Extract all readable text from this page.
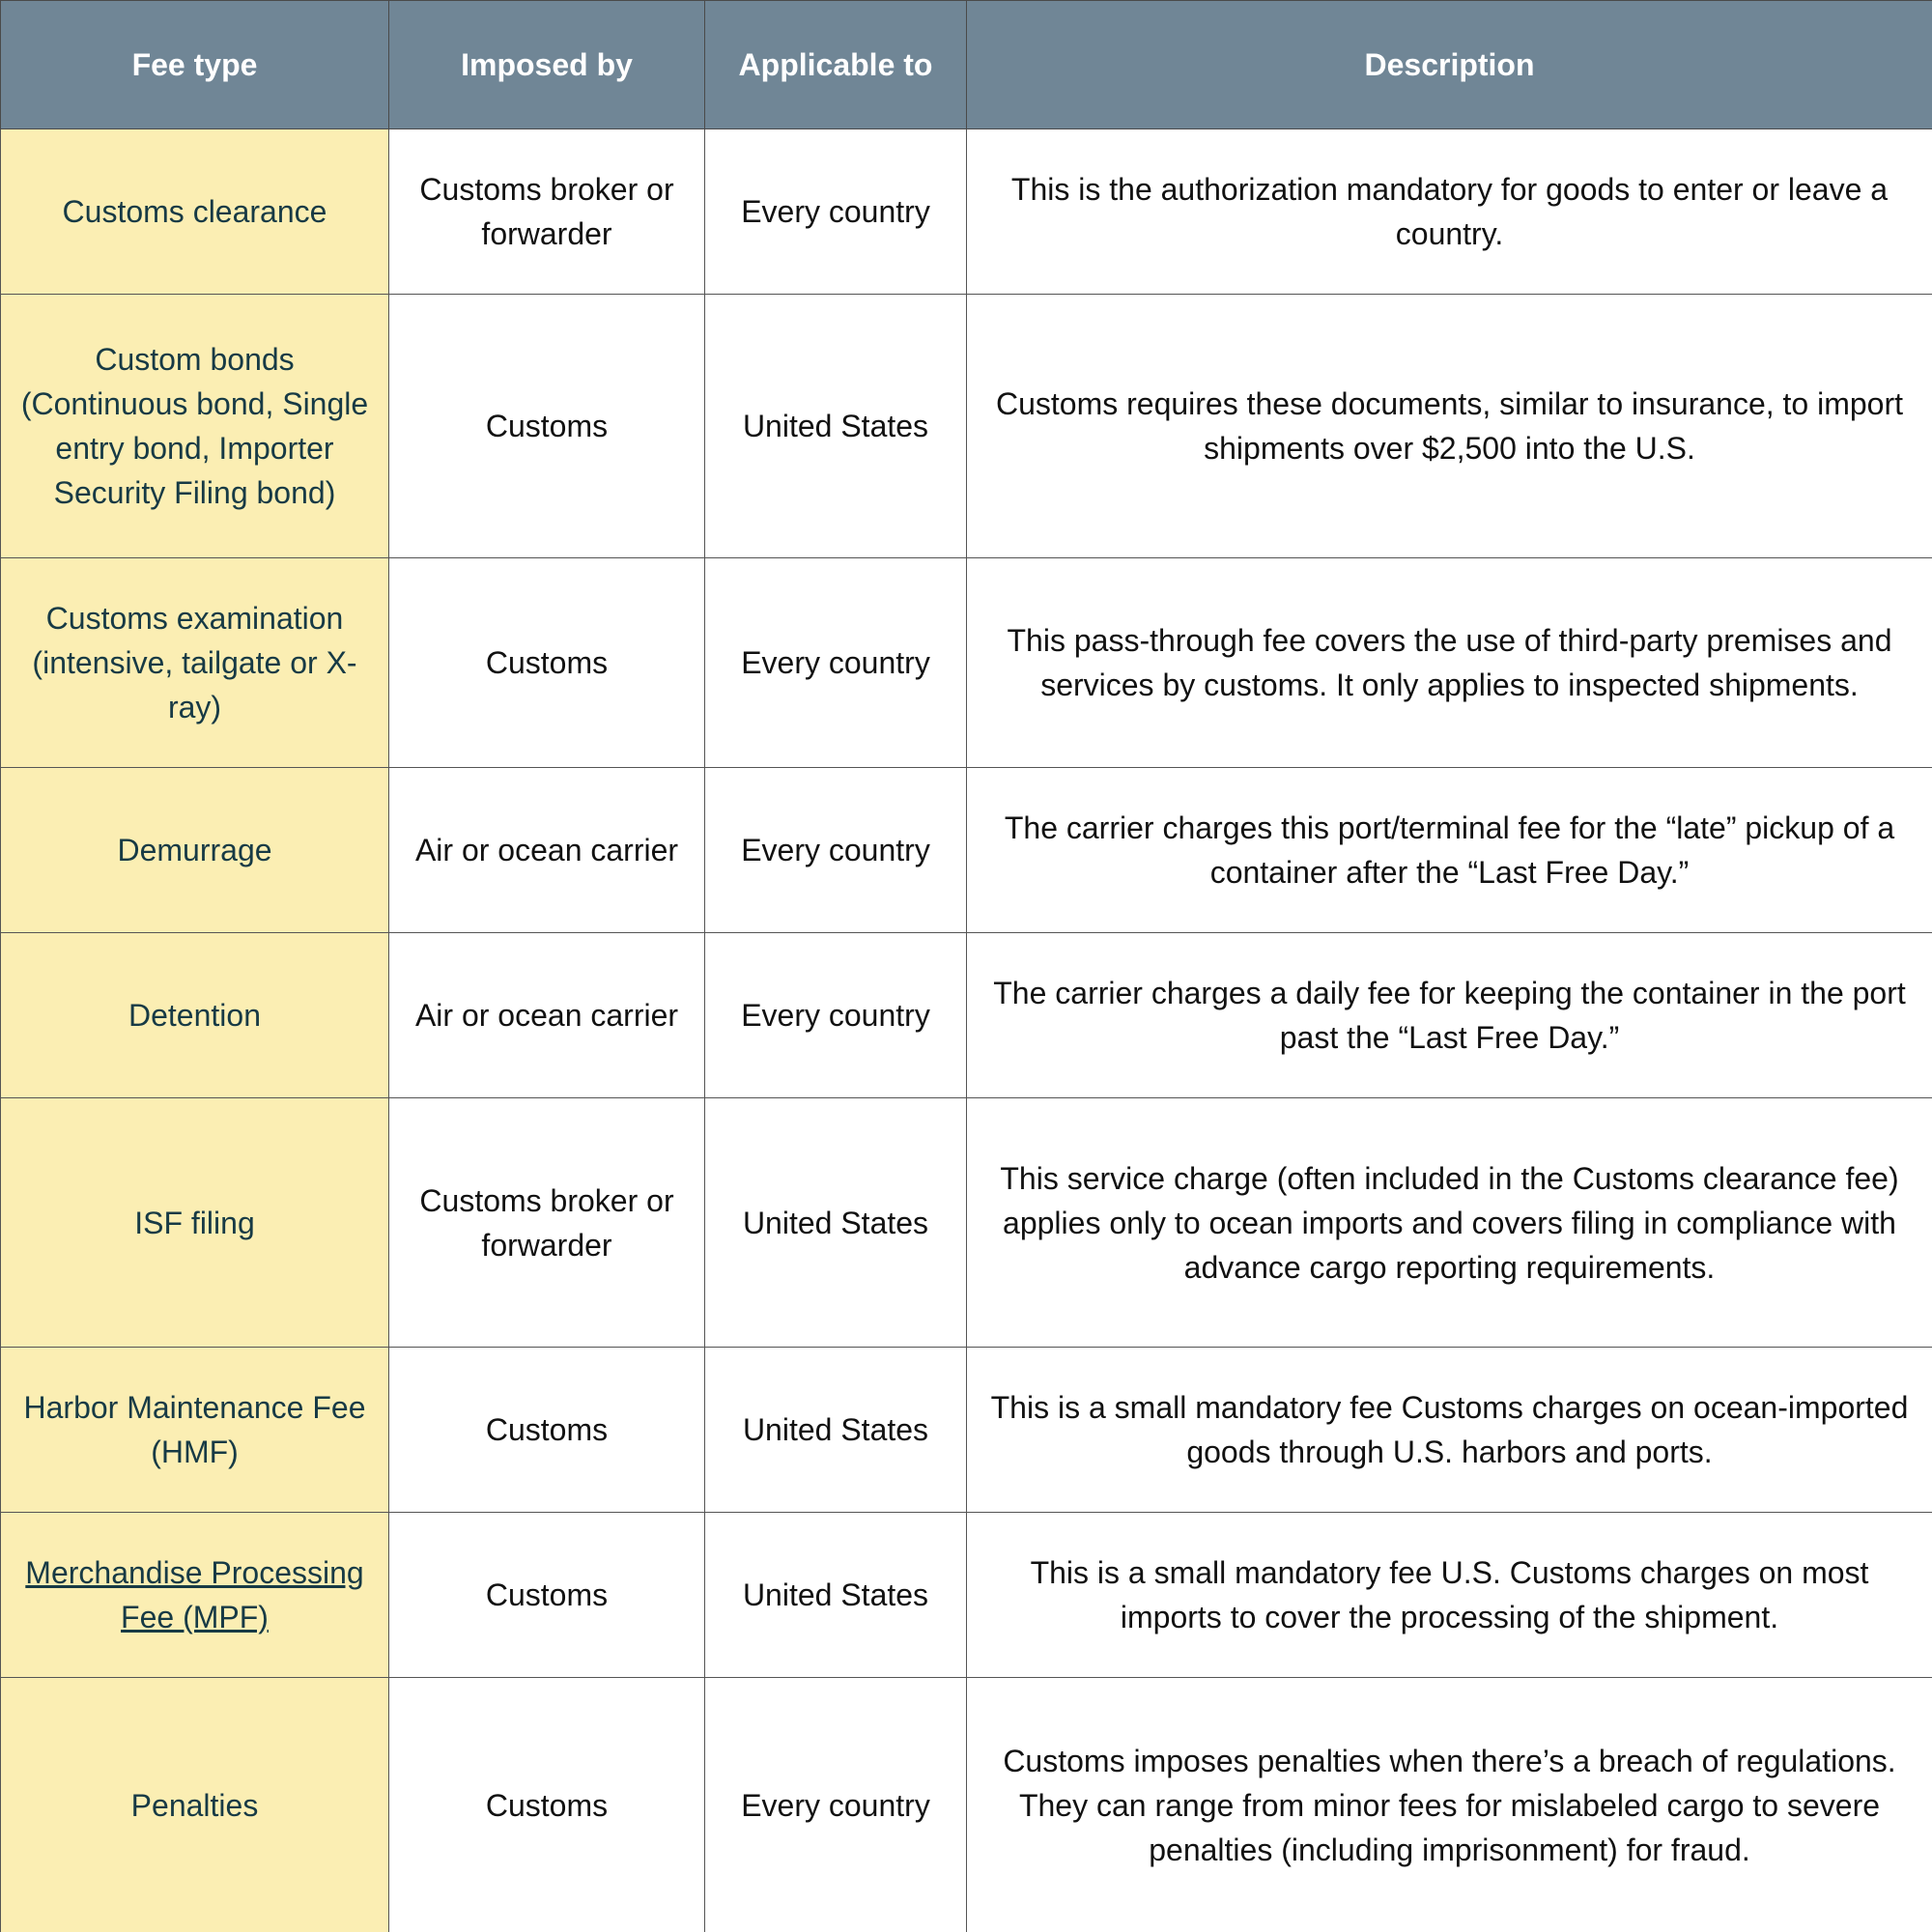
Fee type	Imposed by	Applicable to	Description
Customs clearance	Customs broker or forwarder	Every country	This is the authorization mandatory for goods to enter or leave a country.
Custom bonds (Continuous bond, Single entry bond, Importer Security Filing bond)	Customs	United States	Customs requires these documents, similar to insurance, to import shipments over $2,500 into the U.S.
Customs examination (intensive, tailgate or X-ray)	Customs	Every country	This pass-through fee covers the use of third-party premises and services by customs. It only applies to inspected shipments.
Demurrage	Air or ocean carrier	Every country	The carrier charges this port/terminal fee for the “late” pickup of a container after the “Last Free Day.”
Detention	Air or ocean carrier	Every country	The carrier charges a daily fee for keeping the container in the port past the “Last Free Day.”
ISF filing	Customs broker or forwarder	United States	This service charge (often included in the Customs clearance fee) applies only to ocean imports and covers filing in compliance with advance cargo reporting requirements.
Harbor Maintenance Fee (HMF)	Customs	United States	This is a small mandatory fee Customs charges on ocean-imported goods through U.S. harbors and ports.
Merchandise Processing Fee (MPF)	Customs	United States	This is a small mandatory fee U.S. Customs charges on most imports to cover the processing of the shipment.
Penalties	Customs	Every country	Customs imposes penalties when there’s a breach of regulations. They can range from minor fees for mislabeled cargo to severe penalties (including imprisonment) for fraud.
